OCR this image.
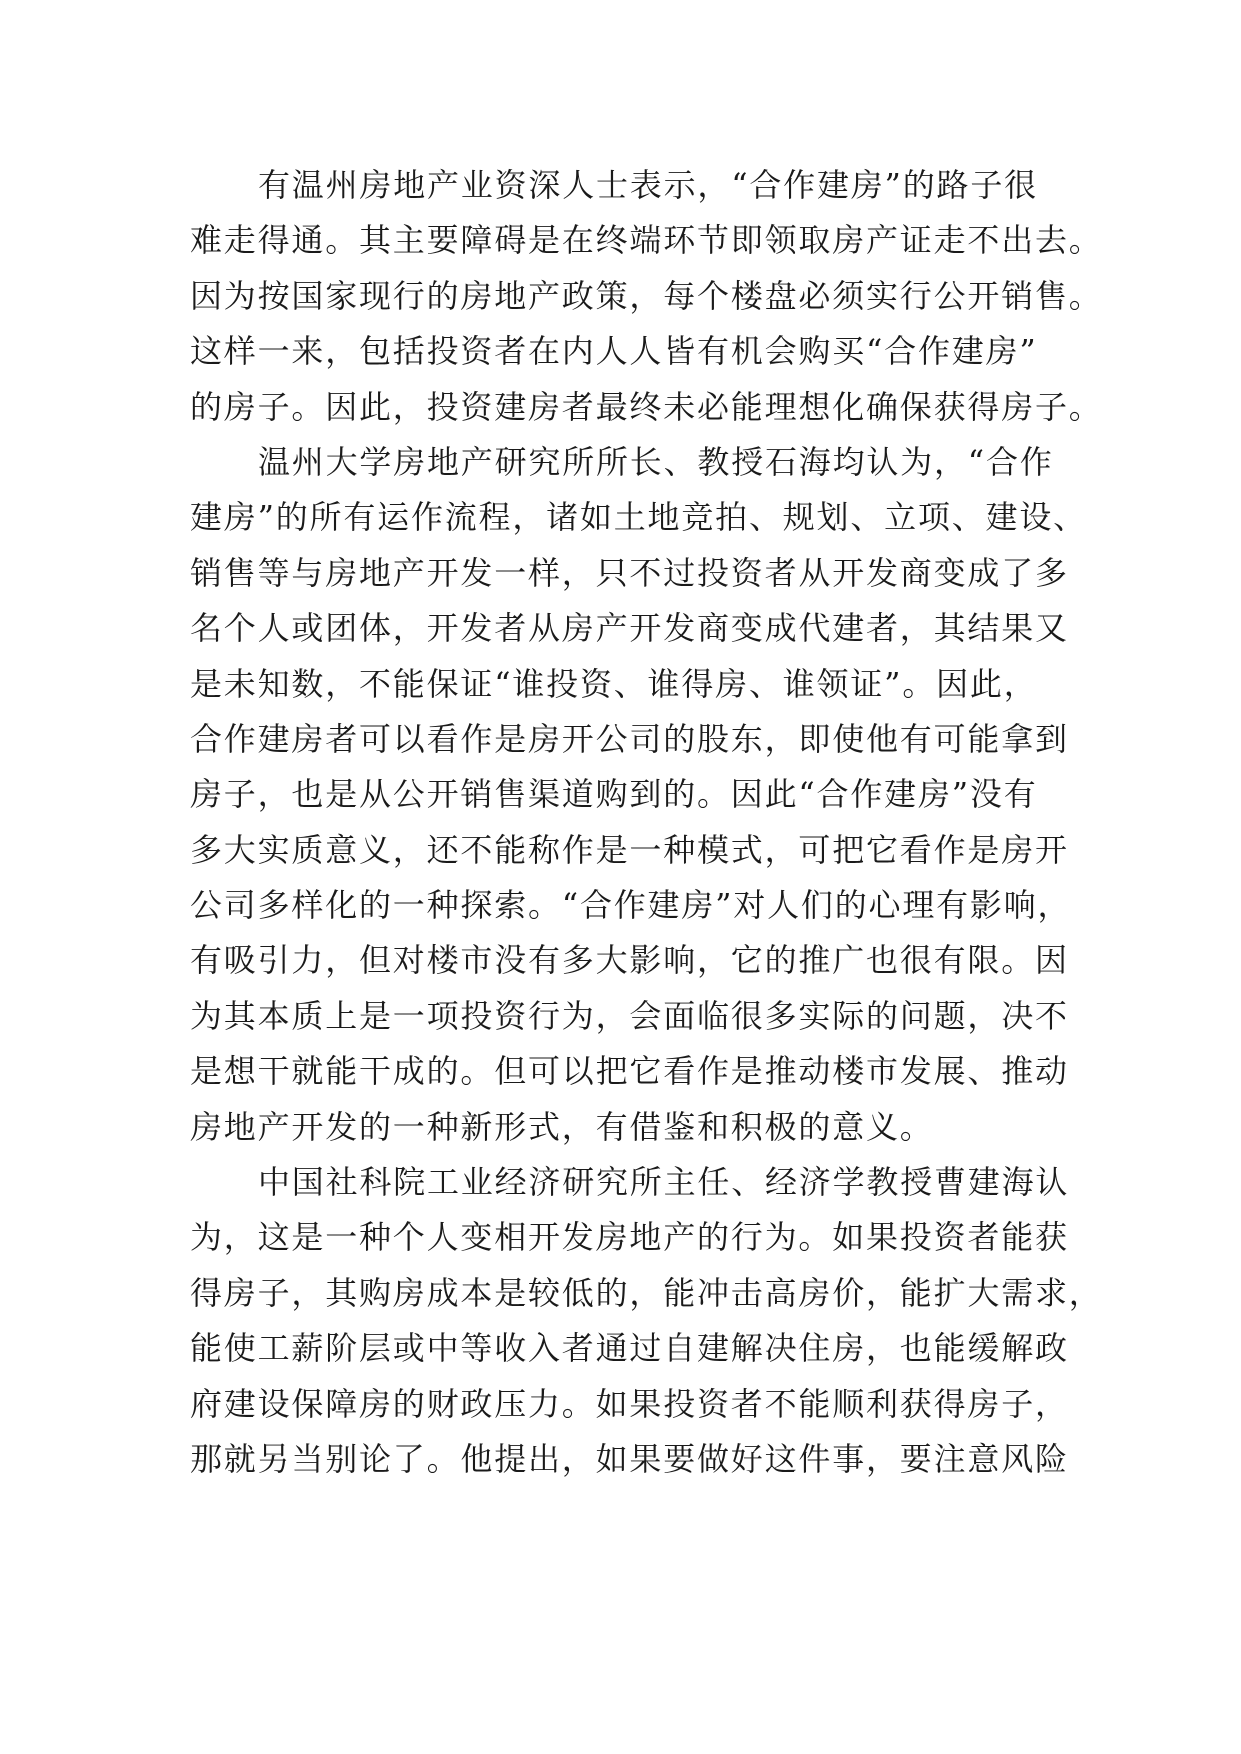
有温州房地产业资深人士表示，“合作建房”的路子很
难走得通。其主要障碍是在终端环节即领取房产证走不出去。
因为按国家现行的房地产政策，每个楼盘必须实行公开销售。
这样一来，包括投资者在内人人皆有机会购买“合作建房”
的房子。因此，投资建房者最终未必能理想化确保获得房子。
温州大学房地产研究所所长、教授石海均认为，“合作
建房”的所有运作流程，诸如土地竞拍、规划、立项、建设、
销售等与房地产开发一样，只不过投资者从开发商变成了多
名个人或团体，开发者从房产开发商变成代建者，其结果又
是未知数，不能保证“谁投资、谁得房、谁领证”。因此，
合作建房者可以看作是房开公司的股东，即使他有可能拿到
房子，也是从公开销售渠道购到的。因此“合作建房”没有
多大实质意义，还不能称作是一种模式，可把它看作是房开
公司多样化的一种探索。“合作建房”对人们的心理有影响，
有吸引力，但对楼市没有多大影响，它的推广也很有限。因
为其本质上是一项投资行为，会面临很多实际的问题，决不
是想干就能干成的。但可以把它看作是推动楼市发展、推动
房地产开发的一种新形式，有借鉴和积极的意义。
中国社科院工业经济研究所主任、经济学教授曹建海认
为，这是一种个人变相开发房地产的行为。如果投资者能获
得房子，其购房成本是较低的，能冲击高房价，能扩大需求，
能使工薪阶层或中等收入者通过自建解决住房，也能缓解政
府建设保障房的财政压力。如果投资者不能顺利获得房子，
那就另当别论了。他提出，如果要做好这件事，要注意风险
